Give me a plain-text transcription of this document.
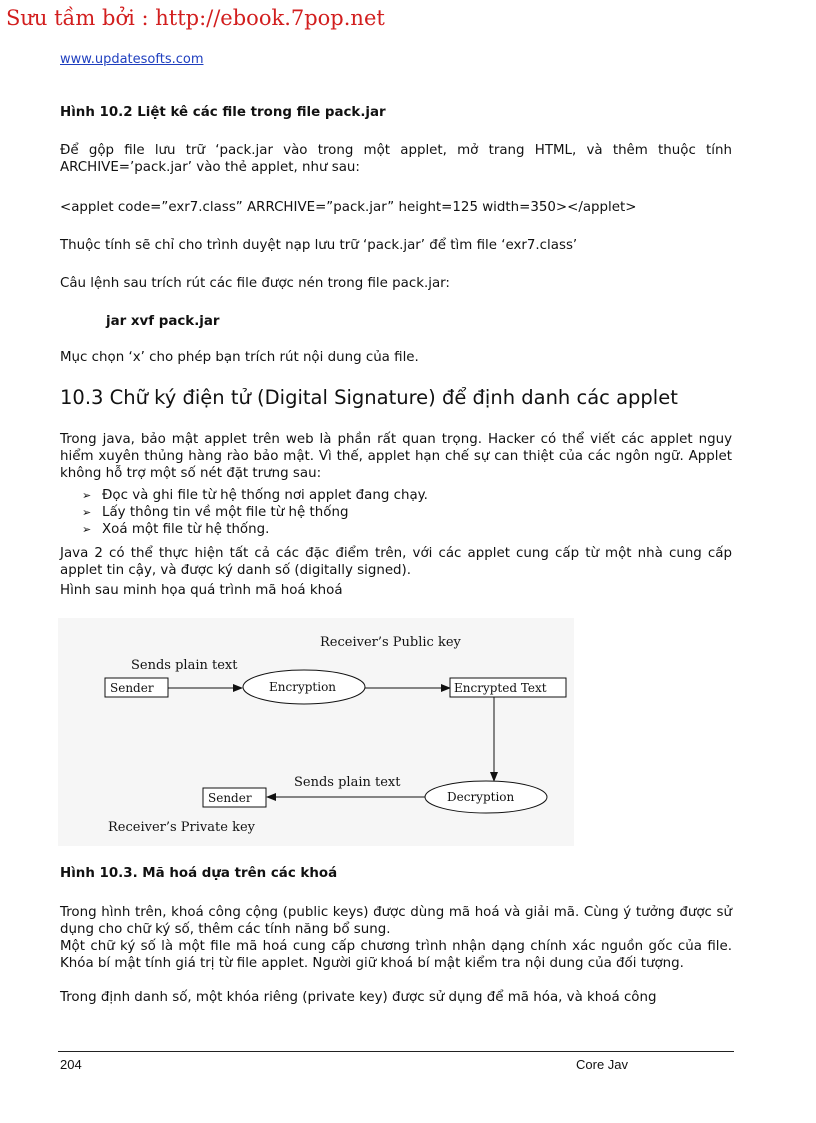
Sưu tầm bởi : http://ebook.7pop.net
www.updatesofts.com
Hình 10.2 Liệt kê các file trong file pack.jar
Để gộp file lưu trữ ‘pack.jar vào trong một applet, mở trang HTML, và thêm thuộc tính ARCHIVE=’pack.jar’ vào thẻ applet, như sau:
<applet code=”exr7.class” ARRCHIVE=”pack.jar” height=125 width=350></applet>
Thuộc tính sẽ chỉ cho trình duyệt nạp lưu trữ ‘pack.jar’ để tìm file ‘exr7.class’
Câu lệnh sau trích rút các file được nén trong file pack.jar:
jar xvf pack.jar
Mục chọn ‘x’ cho phép bạn trích rút nội dung của file.
10.3 Chữ ký điện tử (Digital Signature) để định danh các applet
Trong java, bảo mật applet trên web là phần rất quan trọng. Hacker có thể viết các applet nguy hiểm xuyên thủng hàng rào bảo mật. Vì thế, applet hạn chế sự can thiệt của các ngôn ngữ. Applet không hỗ trợ một số nét đặt trưng sau:
➢ Đọc và ghi file từ hệ thống nơi applet đang chạy.
➢ Lấy thông tin về một file từ hệ thống
➢ Xoá một file từ hệ thống.
Java 2 có thể thực hiện tất cả các đặc điểm trên, với các applet cung cấp từ một nhà cung cấp applet tin cậy, và được ký danh số (digitally signed).
Hình sau minh họa quá trình mã hoá khoá
Receiver’s Public key
Sends plain text
Sender	Encryption	Encrypted Text
Decryption
Sends plain text
Sender
Receiver’s Private key
Hình 10.3. Mã hoá dựa trên các khoá
Trong hình trên, khoá công cộng (public keys) được dùng mã hoá và giải mã. Cùng ý tưởng được sử dụng cho chữ ký số, thêm các tính năng bổ sung.
Một chữ ký số là một file mã hoá cung cấp chương trình nhận dạng chính xác nguồn gốc của file. Khóa bí mật tính giá trị từ file applet. Người giữ khoá bí mật kiểm tra nội dung của đối tượng.
Trong định danh số, một khóa riêng (private key) được sử dụng để mã hóa, và khoá công
204	Core Jav
